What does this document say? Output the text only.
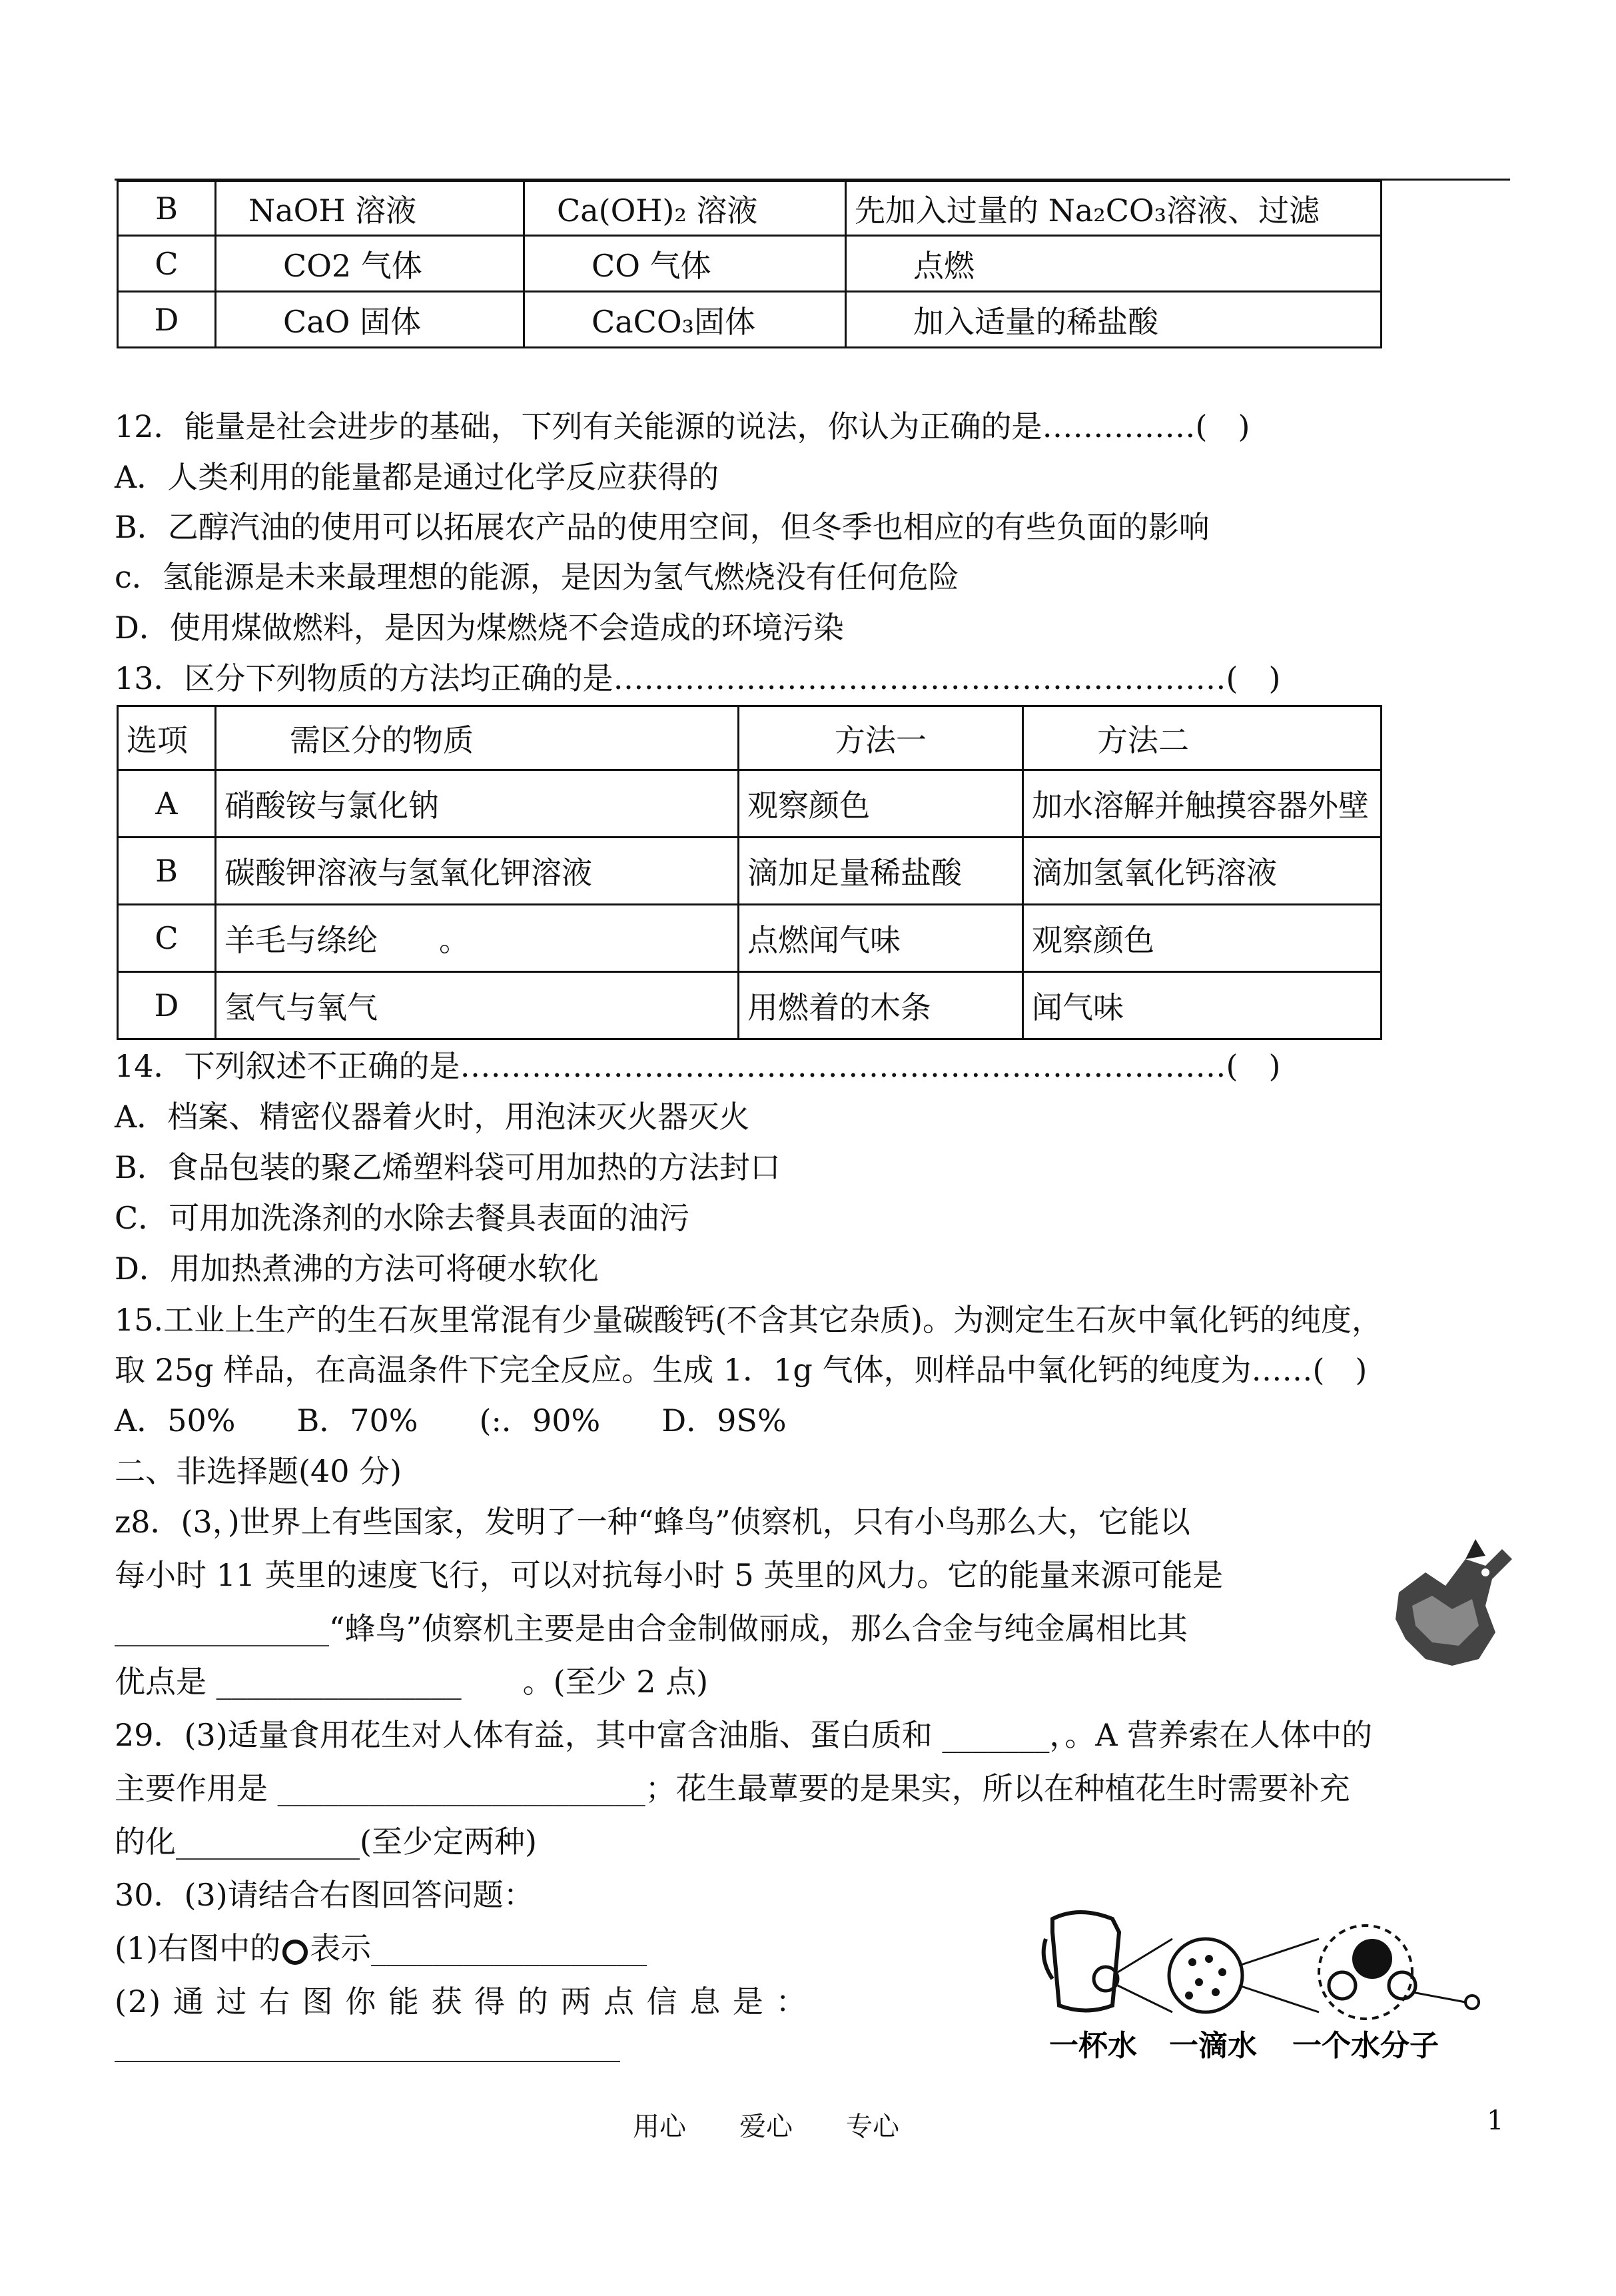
B	NaOH 溶液	Ca(OH)₂ 溶液	先加入过量的 Na₂CO₃溶液、过滤
C	CO2 气体	CO 气体	点燃
D	CaO 固体	CaCO₃固体	加入适量的稀盐酸
12．能量是社会进步的基础，下列有关能源的说法，你认为正确的是……………(　)
A．人类利用的能量都是通过化学反应获得的
B．乙醇汽油的使用可以拓展农产品的使用空间，但冬季也相应的有些负面的影响
c．氢能源是未来最理想的能源，是因为氢气燃烧没有任何危险
D．使用煤做燃料，是因为煤燃烧不会造成的环境污染
13．区分下列物质的方法均正确的是……………………………………………………(　)
选项	需区分的物质	方法一	方法二
A	硝酸铵与氯化钠	观察颜色	加水溶解并触摸容器外壁
B	碳酸钾溶液与氢氧化钾溶液	滴加足量稀盐酸	滴加氢氧化钙溶液
C	羊毛与绦纶　　。	点燃闻气味	观察颜色
D	氢气与氧气	用燃着的木条	闻气味
14．下列叙述不正确的是…………………………………………………………………(　)
A．档案、精密仪器着火时，用泡沫灭火器灭火
B．食品包装的聚乙烯塑料袋可用加热的方法封口
C．可用加洗涤剂的水除去餐具表面的油污
D．用加热煮沸的方法可将硬水软化
15.工业上生产的生石灰里常混有少量碳酸钙(不含其它杂质)。为测定生石灰中氧化钙的纯度，
取 25g 样品，在高温条件下完全反应。生成 1．1g 气体，则样品中氧化钙的纯度为……(　)
A．50%　　B．70%　　(:．90%　　D．9S%
二、非选择题(40 分)
z8．(3，)世界上有些国家，发明了一种“蜂鸟”侦察机，只有小鸟那么大，它能以
每小时 11 英里的速度飞行，可以对抗每小时 5 英里的风力。它的能量来源可能是
______________“蜂鸟”侦察机主要是由合金制做丽成，那么合金与纯金属相比其
优点是 ________________　　。(至少 2 点)
29．(3)适量食用花生对人体有益，其中富含油脂、蛋白质和 _______，。A 营养索在人体中的
主要作用是 ________________________；花生最蕈要的是果实，所以在种植花生时需要补充
的化____________(至少定两种)
30．(3)请结合右图回答问题：
(1)右图中的 表示__________________
(2) 通 过 右 图 你 能 获 得 的 两 点 信 息 是 ：
_________________________________	一杯水 一滴水 一个水分子
用心　　爱心　　专心	1
